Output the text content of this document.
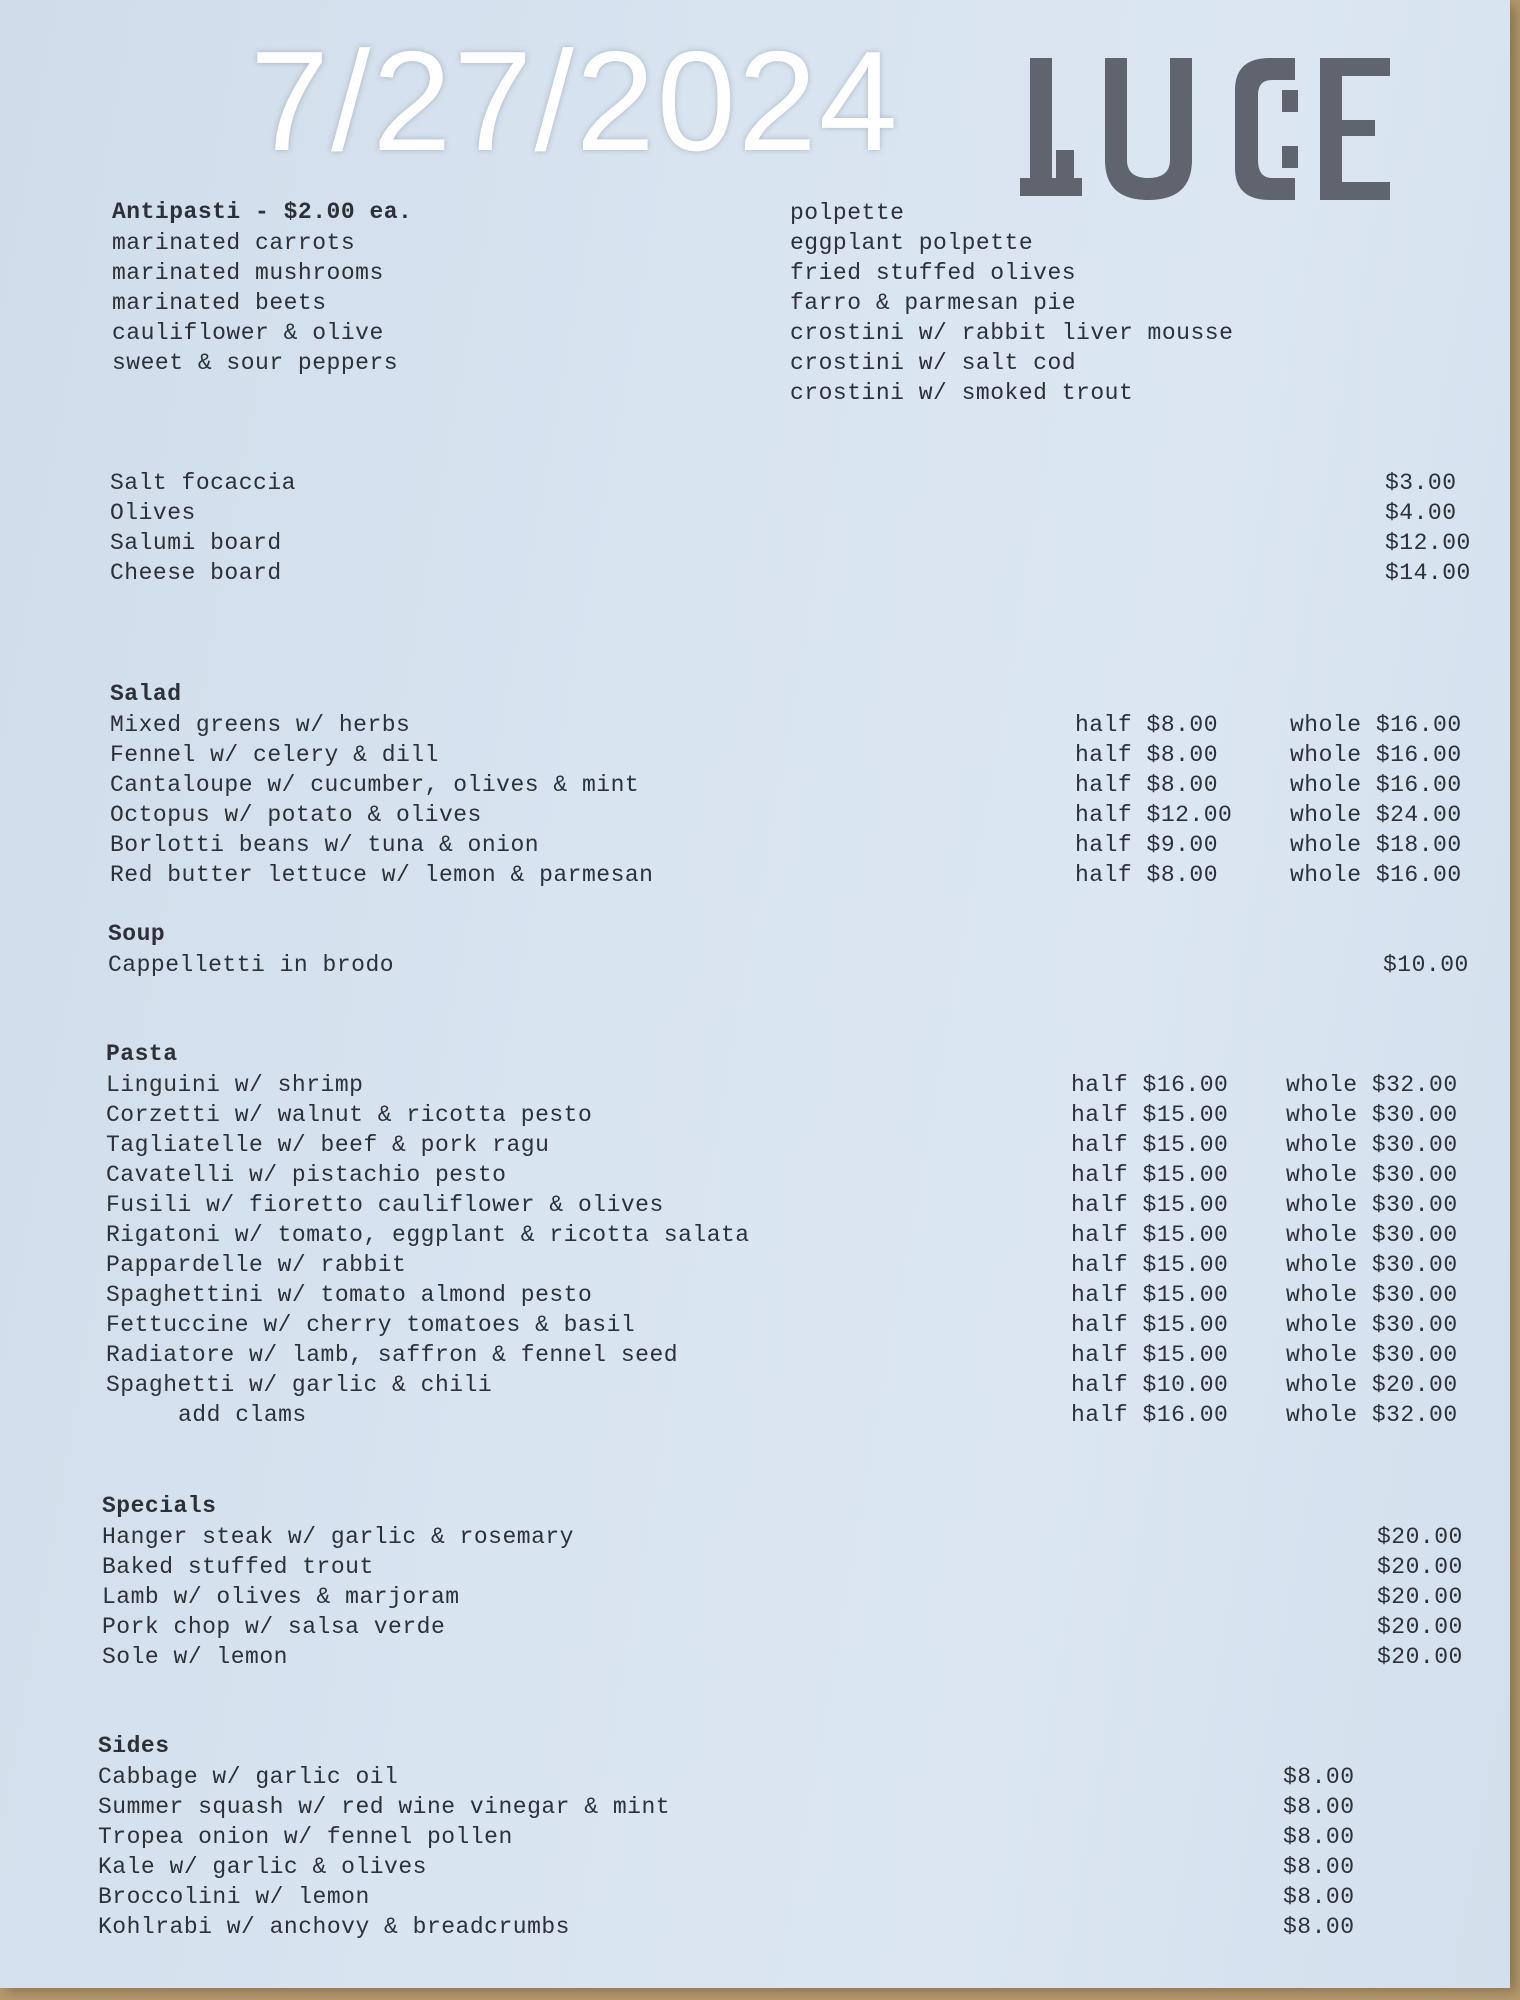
7/27/2024
Antipasti - $2.00 ea.
marinated carrots
marinated mushrooms
marinated beets
cauliflower & olive
sweet & sour peppers
polpette
eggplant polpette
fried stuffed olives
farro & parmesan pie
crostini w/ rabbit liver mousse
crostini w/ salt cod
crostini w/ smoked trout
Salt focaccia	$3.00
Olives	$4.00
Salumi board	$12.00
Cheese board	$14.00
Salad
Mixed greens w/ herbs	half $8.00	whole $16.00
Fennel w/ celery & dill	half $8.00	whole $16.00
Cantaloupe w/ cucumber, olives & mint	half $8.00	whole $16.00
Octopus w/ potato & olives	half $12.00	whole $24.00
Borlotti beans w/ tuna & onion	half $9.00	whole $18.00
Red butter lettuce w/ lemon & parmesan	half $8.00	whole $16.00
Soup
Cappelletti in brodo	$10.00
Pasta
Linguini w/ shrimp	half $16.00	whole $32.00
Corzetti w/ walnut & ricotta pesto	half $15.00	whole $30.00
Tagliatelle w/ beef & pork ragu	half $15.00	whole $30.00
Cavatelli w/ pistachio pesto	half $15.00	whole $30.00
Fusili w/ fioretto cauliflower & olives	half $15.00	whole $30.00
Rigatoni w/ tomato, eggplant & ricotta salata	half $15.00	whole $30.00
Pappardelle w/ rabbit	half $15.00	whole $30.00
Spaghettini w/ tomato almond pesto	half $15.00	whole $30.00
Fettuccine w/ cherry tomatoes & basil	half $15.00	whole $30.00
Radiatore w/ lamb, saffron & fennel seed	half $15.00	whole $30.00
Spaghetti w/ garlic & chili	half $10.00	whole $20.00
add clams	half $16.00	whole $32.00
Specials
Hanger steak w/ garlic & rosemary	$20.00
Baked stuffed trout	$20.00
Lamb w/ olives & marjoram	$20.00
Pork chop w/ salsa verde	$20.00
Sole w/ lemon	$20.00
Sides
Cabbage w/ garlic oil	$8.00
Summer squash w/ red wine vinegar & mint	$8.00
Tropea onion w/ fennel pollen	$8.00
Kale w/ garlic & olives	$8.00
Broccolini w/ lemon	$8.00
Kohlrabi w/ anchovy & breadcrumbs	$8.00
